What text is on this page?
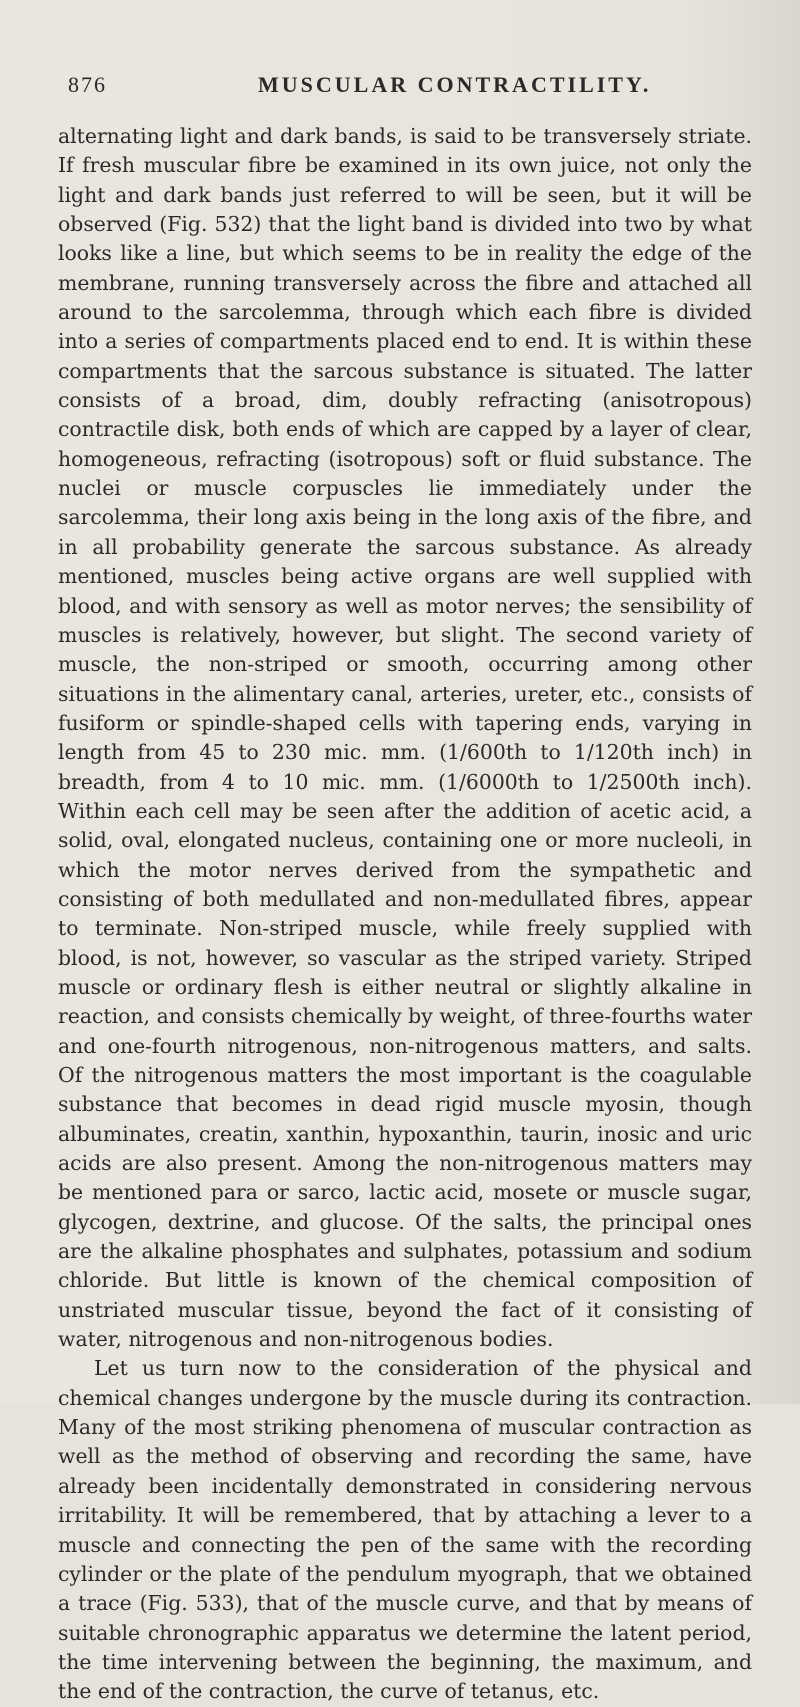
876	MUSCULAR CONTRACTILITY.

alternating light and dark bands, is said to be transversely striate. If fresh muscular fibre be examined in its own juice, not only the light and dark bands just referred to will be seen, but it will be observed (Fig. 532) that the light band is divided into two by what looks like a line, but which seems to be in reality the edge of the membrane, running transversely across the fibre and attached all around to the sarcolemma, through which each fibre is divided into a series of compartments placed end to end. It is within these compartments that the sarcous substance is situated. The latter consists of a broad, dim, doubly refracting (anisotropous) contractile disk, both ends of which are capped by a layer of clear, homogeneous, refracting (isotropous) soft or fluid substance. The nuclei or muscle corpuscles lie immediately under the sarcolemma, their long axis being in the long axis of the fibre, and in all probability generate the sarcous substance. As already mentioned, muscles being active organs are well supplied with blood, and with sensory as well as motor nerves; the sensibility of muscles is relatively, however, but slight. The second variety of muscle, the non-striped or smooth, occurring among other situations in the alimentary canal, arteries, ureter, etc., consists of fusiform or spindle-shaped cells with tapering ends, varying in length from 45 to 230 mic. mm. (1/600th to 1/120th inch) in breadth, from 4 to 10 mic. mm. (1/6000th to 1/2500th inch). Within each cell may be seen after the addition of acetic acid, a solid, oval, elongated nucleus, containing one or more nucleoli, in which the motor nerves derived from the sympathetic and consisting of both medullated and non-medullated fibres, appear to terminate. Non-striped muscle, while freely supplied with blood, is not, however, so vascular as the striped variety. Striped muscle or ordinary flesh is either neutral or slightly alkaline in reaction, and consists chemically by weight, of three-fourths water and one-fourth nitrogenous, non-nitrogenous matters, and salts. Of the nitrogenous matters the most important is the coagulable substance that becomes in dead rigid muscle myosin, though albuminates, creatin, xanthin, hypoxanthin, taurin, inosic and uric acids are also present. Among the non-nitrogenous matters may be mentioned para or sarco, lactic acid, mosete or muscle sugar, glycogen, dextrine, and glucose. Of the salts, the principal ones are the alkaline phosphates and sulphates, potassium and sodium chloride. But little is known of the chemical composition of unstriated muscular tissue, beyond the fact of it consisting of water, nitrogenous and non-nitrogenous bodies.

Let us turn now to the consideration of the physical and chemical changes undergone by the muscle during its contraction. Many of the most striking phenomena of muscular contraction as well as the method of observing and recording the same, have already been incidentally demonstrated in considering nervous irritability. It will be remembered, that by attaching a lever to a muscle and connecting the pen of the same with the recording cylinder or the plate of the pendulum myograph, that we obtained a trace (Fig. 533), that of the muscle curve, and that by means of suitable chronographic apparatus we determine the latent period, the time intervening between the beginning, the maximum, and the end of the contraction, the curve of tetanus, etc.
